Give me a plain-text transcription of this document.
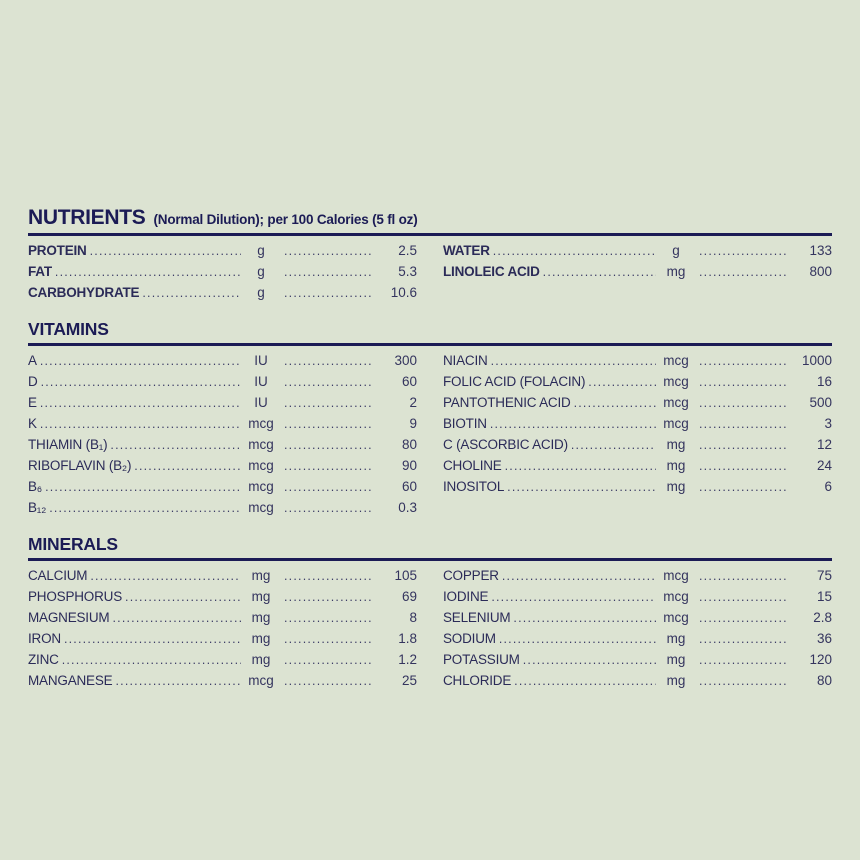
NUTRIENTS (Normal Dilution); per 100 Calories (5 fl oz)
PROTEIN .....	g .....	2.5
FAT .....	g .....	5.3
CARBOHYDRATE .....	g .....	10.6
WATER .....	g .....	133
LINOLEIC ACID .....	mg .....	800
VITAMINS
A .....	IU .....	300
D .....	IU .....	60
E .....	IU .....	2
K .....	mcg .....	9
THIAMIN (B₁) .....	mcg .....	80
RIBOFLAVIN (B₂) .....	mcg .....	90
B₆ .....	mcg .....	60
B₁₂ .....	mcg .....	0.3
NIACIN .....	mcg .....	1000
FOLIC ACID (FOLACIN) .....	mcg .....	16
PANTOTHENIC ACID .....	mcg .....	500
BIOTIN .....	mcg .....	3
C (ASCORBIC ACID) .....	mg .....	12
CHOLINE .....	mg .....	24
INOSITOL .....	mg .....	6
MINERALS
CALCIUM .....	mg .....	105
PHOSPHORUS .....	mg .....	69
MAGNESIUM .....	mg .....	8
IRON .....	mg .....	1.8
ZINC .....	mg .....	1.2
MANGANESE .....	mcg .....	25
COPPER .....	mcg .....	75
IODINE .....	mcg .....	15
SELENIUM .....	mcg .....	2.8
SODIUM .....	mg .....	36
POTASSIUM .....	mg .....	120
CHLORIDE .....	mg .....	80
